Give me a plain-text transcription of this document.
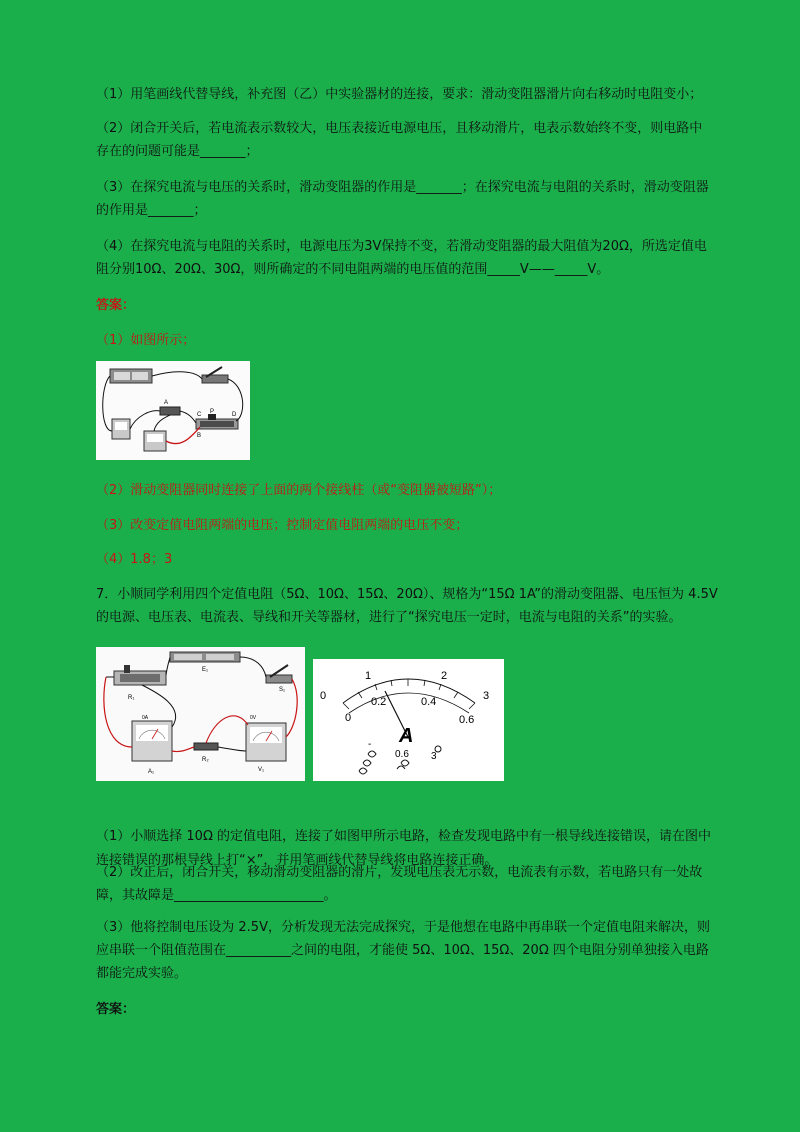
（1）用笔画线代替导线，补充图（乙）中实验器材的连接，要求：滑动变阻器滑片向右移动时电阻变小；
（2）闭合开关后，若电流表示数较大，电压表接近电源电压，且移动滑片，电表示数始终不变，则电路中
存在的问题可能是_______；
（3）在探究电流与电压的关系时，滑动变阻器的作用是_______；在探究电流与电阻的关系时，滑动变阻器
的作用是_______；
（4）在探究电流与电阻的关系时，电源电压为3V保持不变，若滑动变阻器的最大阻值为20Ω，所选定值电
阻分别10Ω、20Ω、30Ω，则所确定的不同电阻两端的电压值的范围_____V——_____V。
答案：
（1）如图所示；
A
C P	D
B
（2）滑动变阻器同时连接了上面的两个接线柱（或“变阻器被短路”）；
（3）改变定值电阻两端的电压；控制定值电阻两端的电压不变；
（4）1.8；3
7．小顺同学利用四个定值电阻（5Ω、10Ω、15Ω、20Ω）、规格为“15Ω 1A”的滑动变阻器、电压恒为 4.5V
的电源、电压表、电流表、导线和开关等器材，进行了“探究电压一定时，电流与电阻的关系”的实验。
E₁
R₁
S₁
0A
A₁
R₂
0V
V₁
0
1	2
3
0
0.2	0.4
0.6
A
-
0.6 3
（1）小顺选择 10Ω 的定值电阻，连接了如图甲所示电路，检查发现电路中有一根导线连接错误，请在图中
连接错误的那根导线上打“×”，并用笔画线代替导线将电路连接正确。
（2）改正后，闭合开关，移动滑动变阻器的滑片，发现电压表无示数，电流表有示数，若电路只有一处故
障，其故障是_______________________。
（3）他将控制电压设为 2.5V，分析发现无法完成探究，于是他想在电路中再串联一个定值电阻来解决，则
应串联一个阻值范围在__________之间的电阻，才能使 5Ω、10Ω、15Ω、20Ω 四个电阻分别单独接入电路
都能完成实验。
答案：
